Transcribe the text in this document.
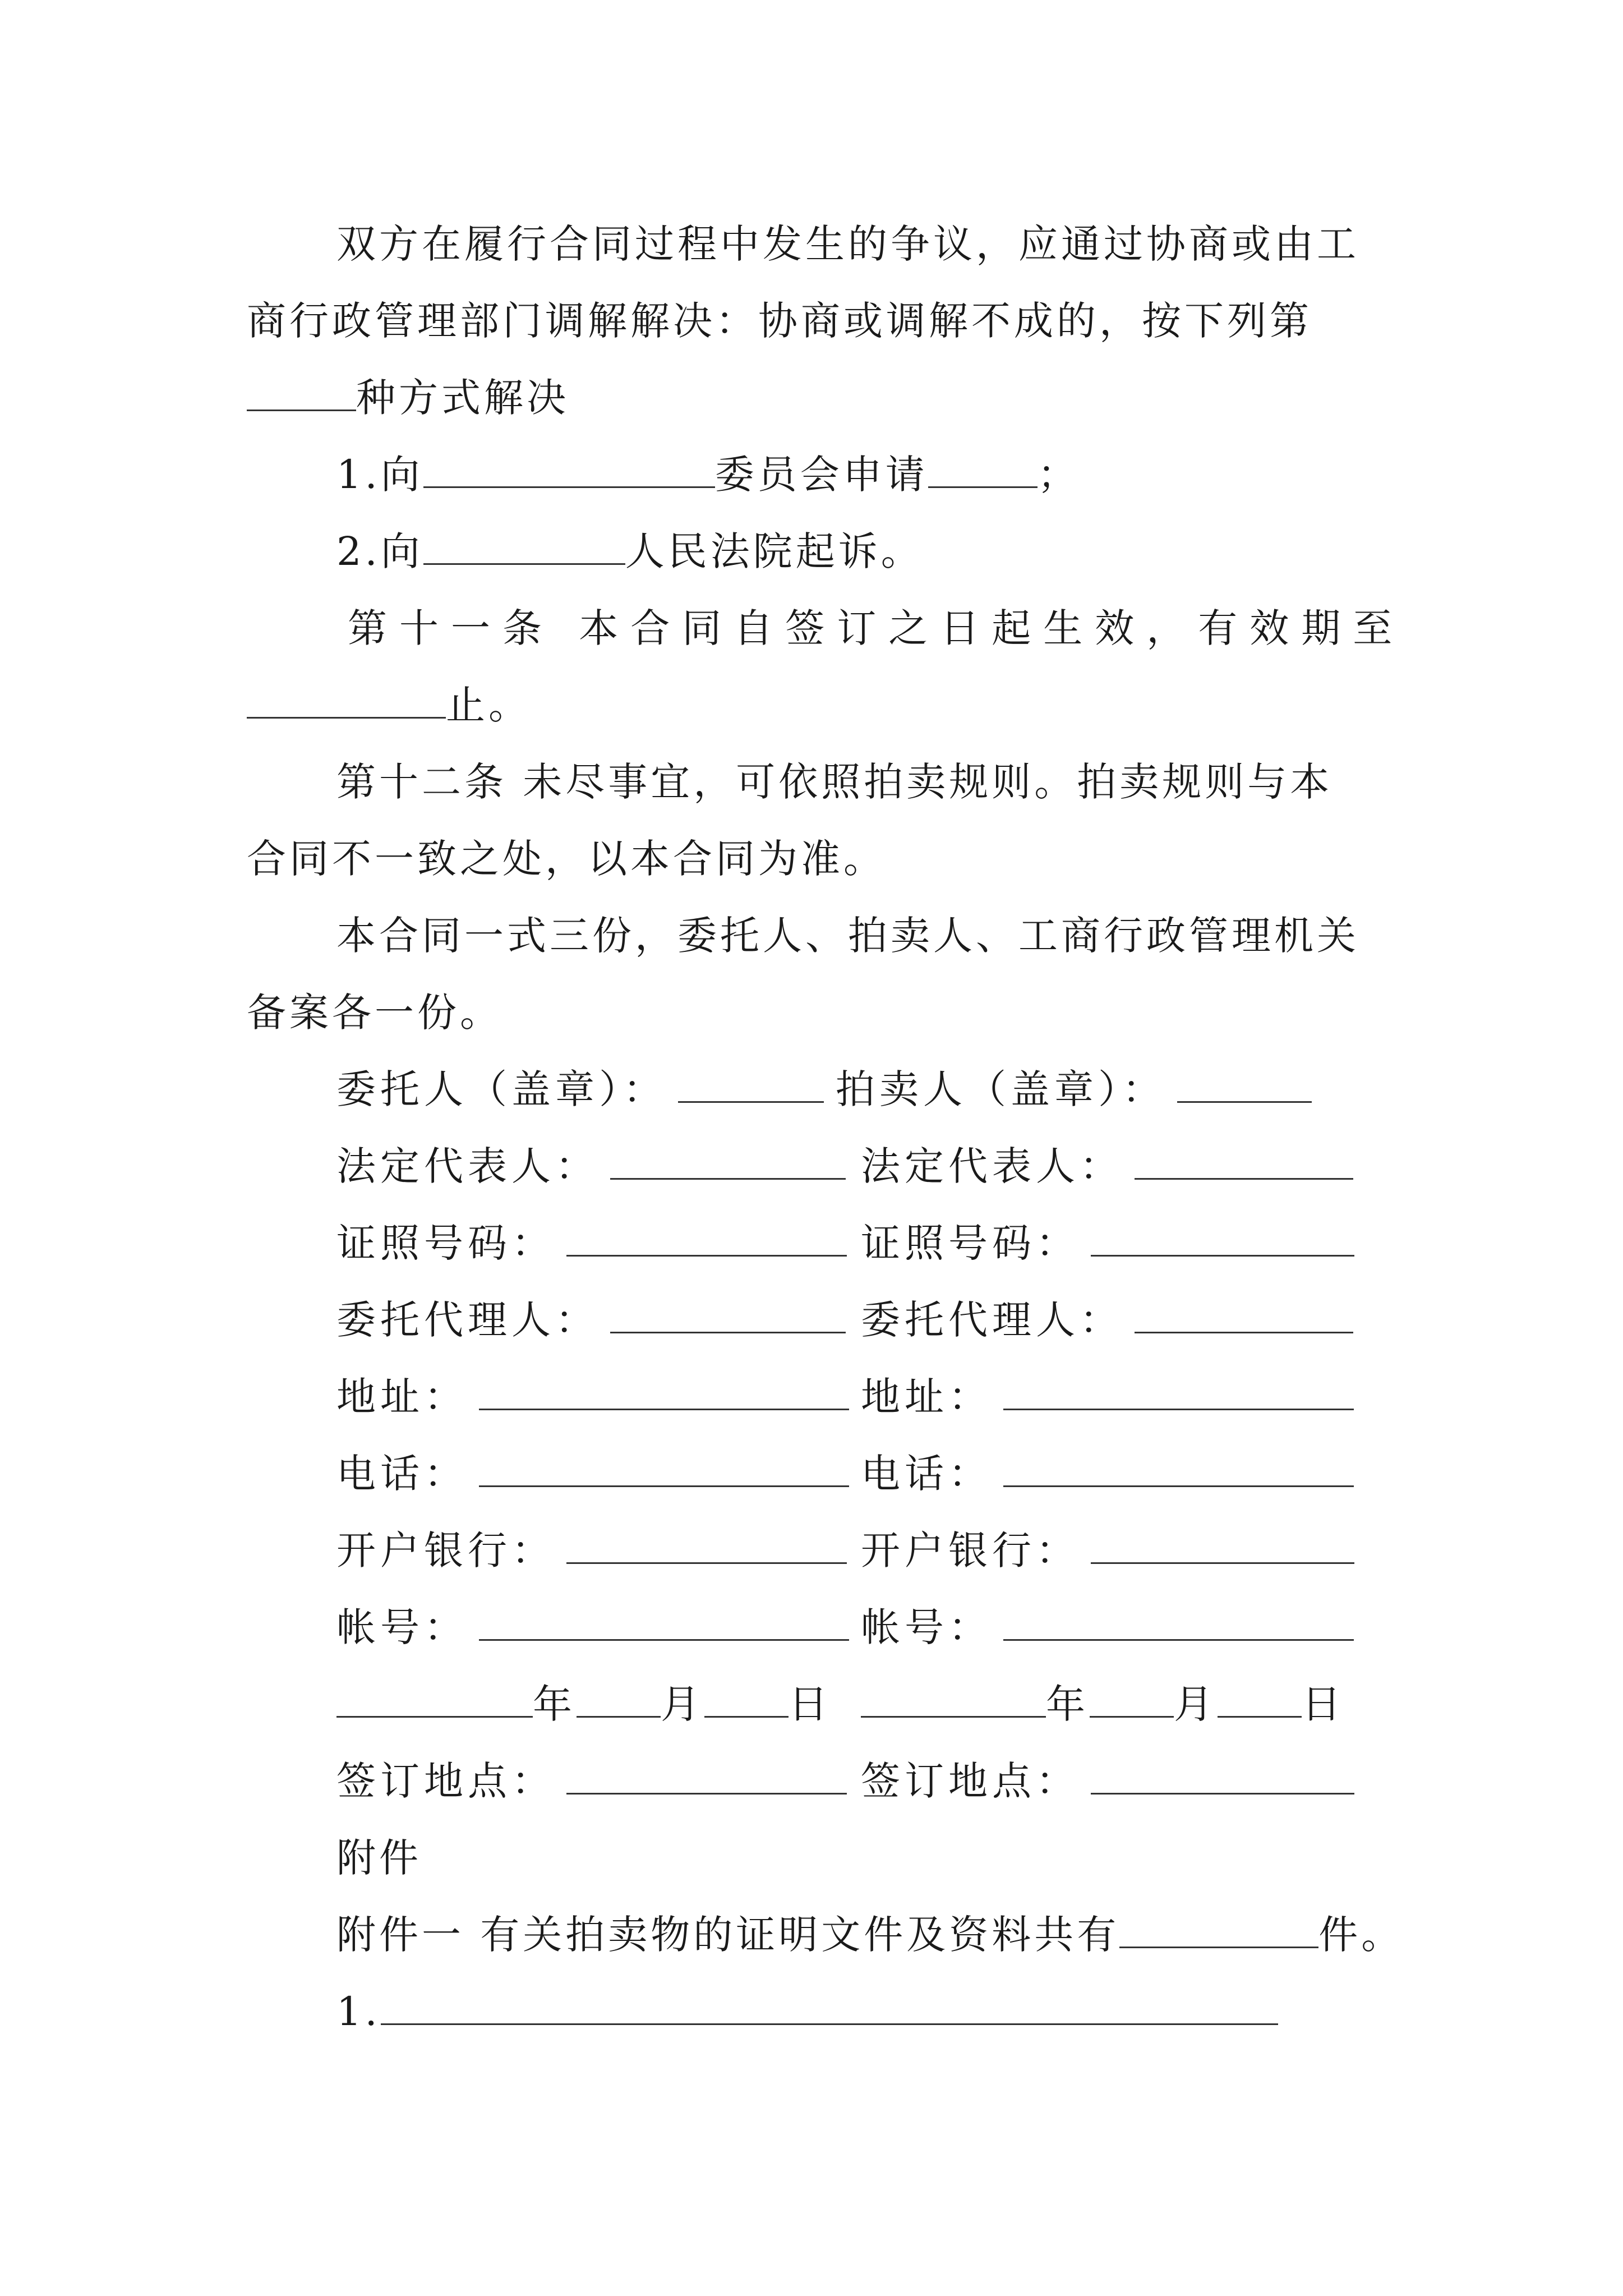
双方在履行合同过程中发生的争议，应通过协商或由工
商行政管理部门调解解决：协商或调解不成的，按下列第
种方式解决
1.向	委员会申请	；
2.向	人民法院起诉。
第十一条 本合同自签订之日起生效，有效期至
止。
第十二条 未尽事宜，可依照拍卖规则。拍卖规则与本
合同不一致之处，以本合同为准。
本合同一式三份，委托人、拍卖人、工商行政管理机关
备案各一份。
委托人（盖章）：	拍卖人（盖章）：
法定代表人：	法定代表人：
证照号码：	证照号码：
委托代理人：	委托代理人：
地址：	地址：
电话：	电话：
开户银行：	开户银行：
帐号：	帐号：
年 月 日	年 月 日
签订地点：	签订地点：
附件
附件一 有关拍卖物的证明文件及资料共有	件。
1.
